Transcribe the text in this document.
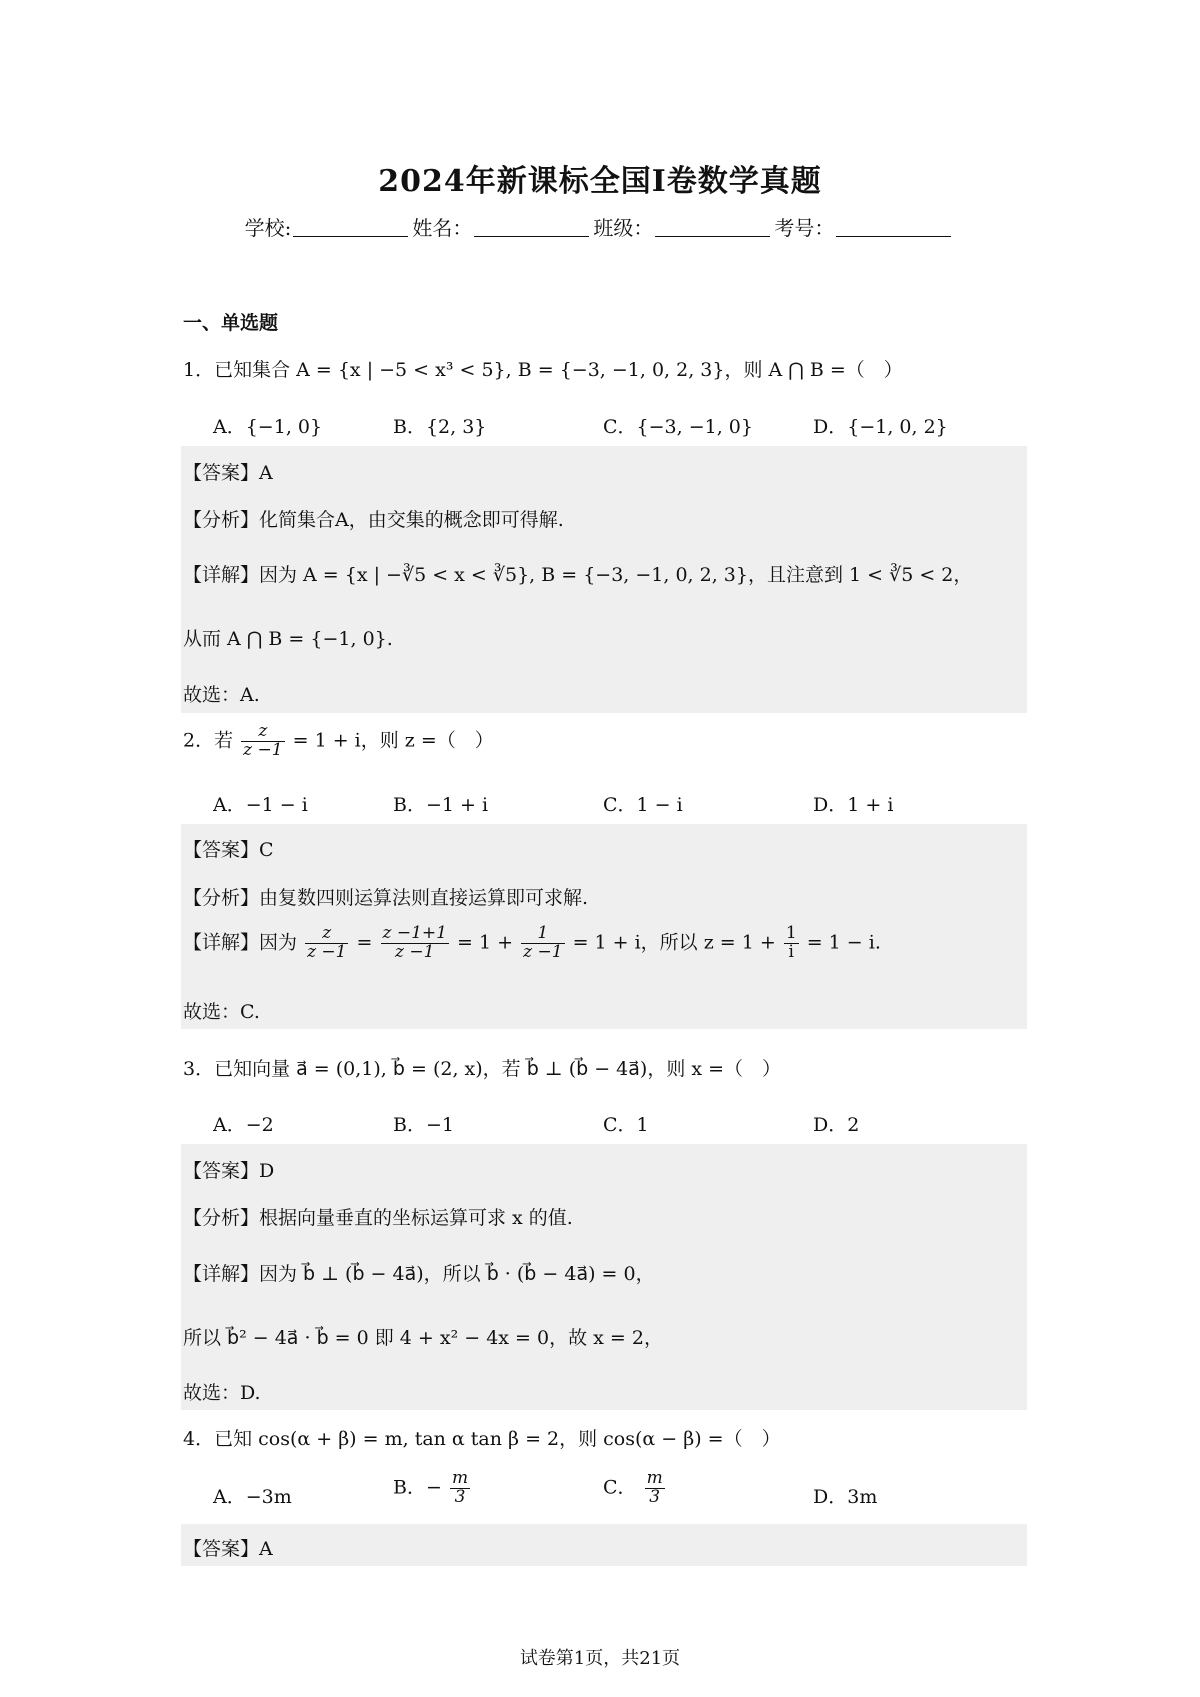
2024年新课标全国Ⅰ卷数学真题
学校:	姓名：	班级：	考号：
一、单选题
1．已知集合 A = {x | −5 < x³ < 5}, B = {−3, −1, 0, 2, 3}，则 A ⋂ B =（　）
A．{−1, 0}	B．{2, 3}	C．{−3, −1, 0}	D．{−1, 0, 2}
【答案】A
【分析】化简集合A，由交集的概念即可得解.
【详解】因为 A = {x | −∛5 < x < ∛5}, B = {−3, −1, 0, 2, 3}，且注意到 1 < ∛5 < 2，
从而 A ⋂ B = {−1, 0}.
故选：A.
2．若 $\frac{z}{z -1} = 1 + i$，则 z =（　）
A．−1 − i	B．−1 + i	C．1 − i	D．1 + i
【答案】C
【分析】由复数四则运算法则直接运算即可求解.
【详解】因为 $\frac{z}{z -1} = \frac{z -1+1}{z -1} = 1 + \frac{1}{z -1} = 1 + i$，所以 $z = 1 + \frac{1}{i} = 1 - i$.
故选：C.
3．已知向量 a⃗ = (0,1), b⃗ = (2, x)，若 b⃗ ⊥ (b⃗ − 4a⃗)，则 x =（　）
A．−2	B．−1	C．1	D．2
【答案】D
【分析】根据向量垂直的坐标运算可求 x 的值.
【详解】因为 b⃗ ⊥ (b⃗ − 4a⃗)，所以 b⃗ · (b⃗ − 4a⃗) = 0，
所以 b⃗² − 4a⃗ · b⃗ = 0 即 4 + x² − 4x = 0，故 x = 2，
故选：D.
4．已知 cos(α + β) = m, tan α tan β = 2，则 cos(α − β) =（　）
A．−3m	B．− $\frac{m}{3}$	C． $\frac{m}{3}$	D．3m
【答案】A
试卷第1页，共21页
